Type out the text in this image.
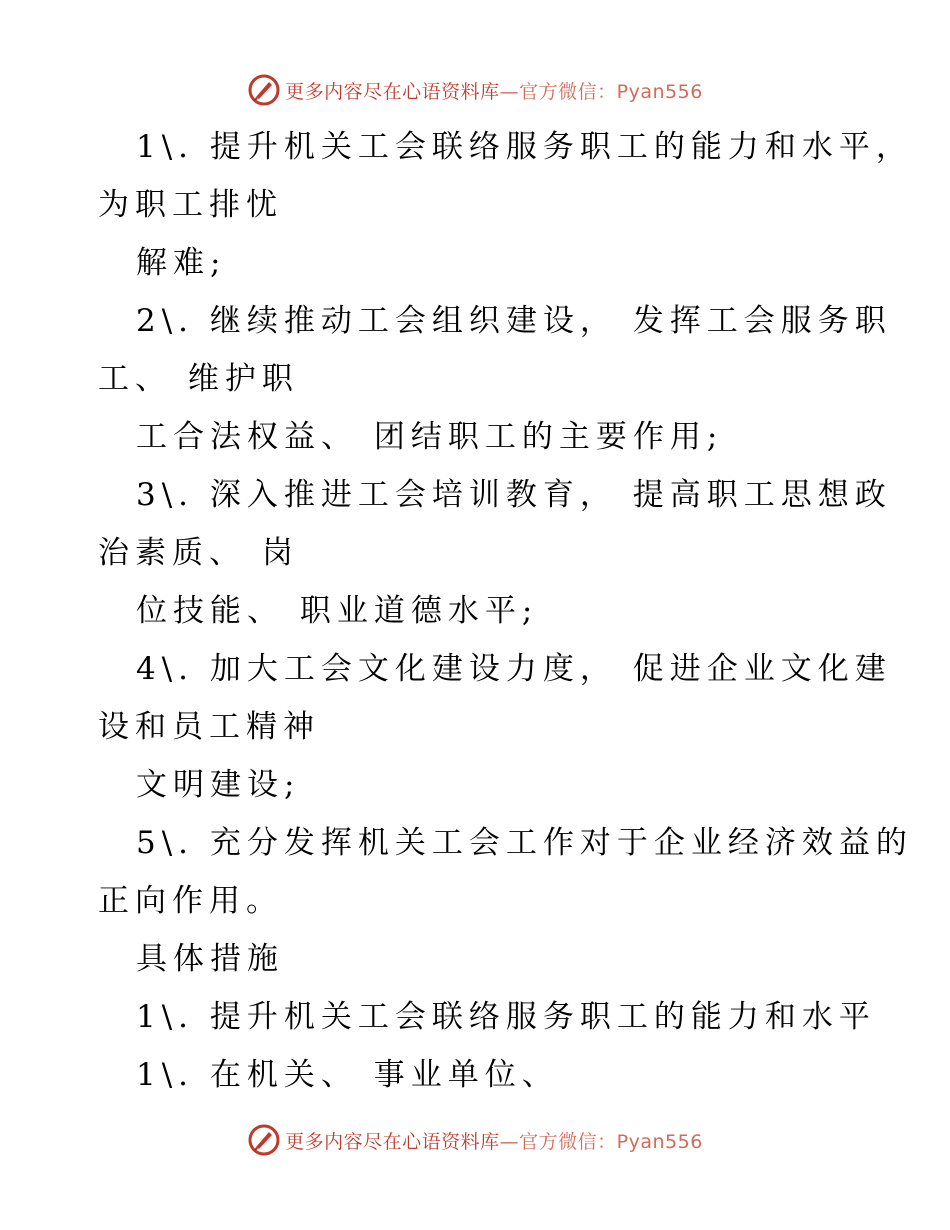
更多内容尽在心语资料库—官方微信：Pyan556
1\. 提升机关工会联络服务职工的能力和水平，
为职工排忧
解难;
2\. 继续推动工会组织建设， 发挥工会服务职
工、 维护职
工合法权益、 团结职工的主要作用;
3\. 深入推进工会培训教育， 提高职工思想政
治素质、 岗
位技能、 职业道德水平;
4\. 加大工会文化建设力度， 促进企业文化建
设和员工精神
文明建设;
5\. 充分发挥机关工会工作对于企业经济效益的
正向作用。
具体措施
1\. 提升机关工会联络服务职工的能力和水平
1\. 在机关、 事业单位、
更多内容尽在心语资料库—官方微信：Pyan556
